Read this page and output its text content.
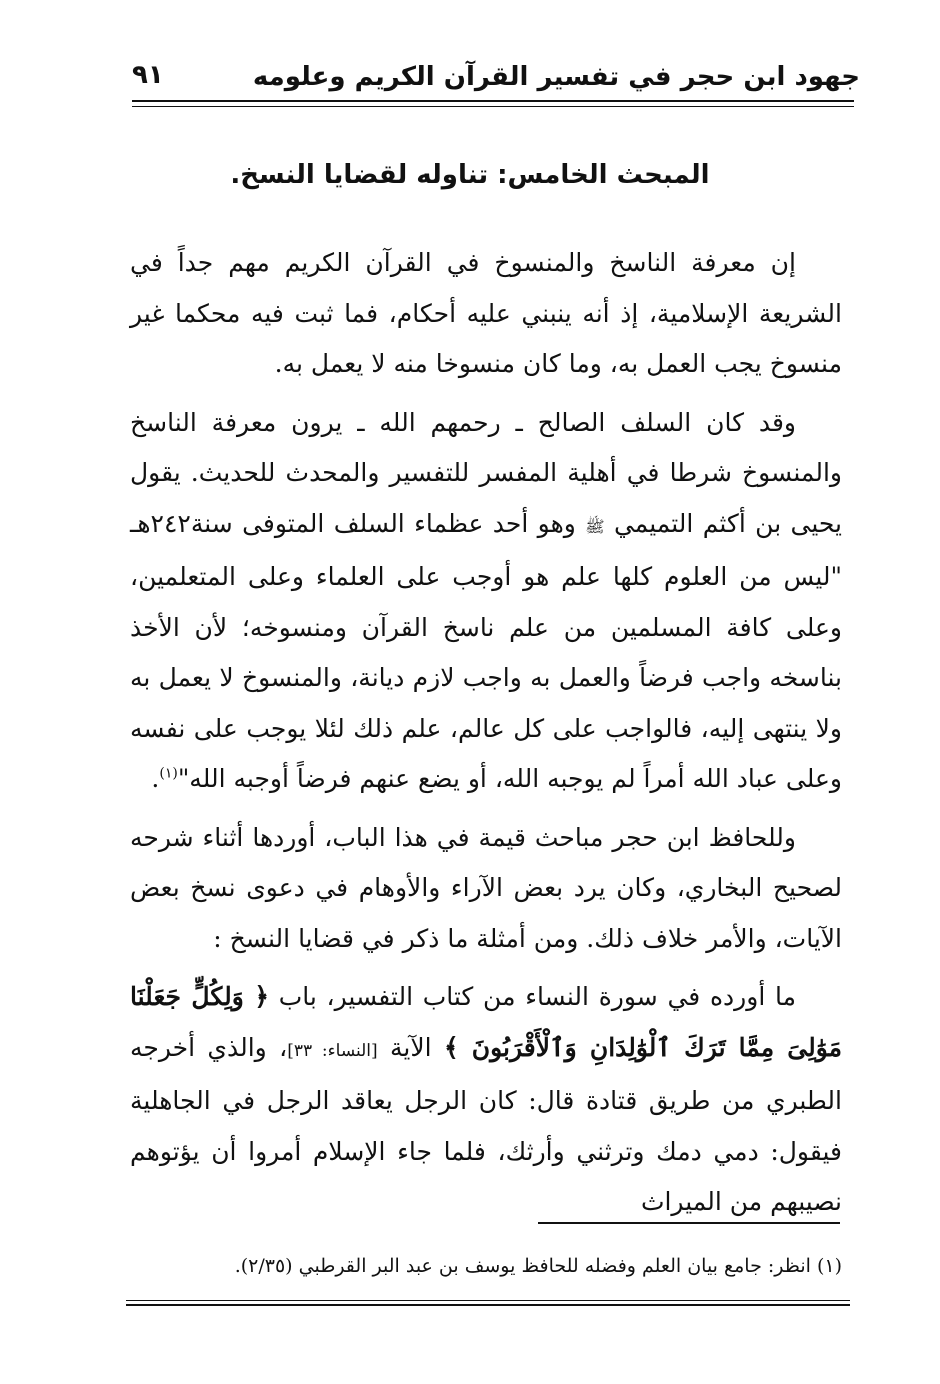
جهود ابن حجر في تفسير القرآن الكريم وعلومه
٩١
المبحث الخامس: تناوله لقضايا النسخ.

إن معرفة الناسخ والمنسوخ في القرآن الكريم مهم جداً في الشريعة الإسلامية، إذ أنه ينبني عليه أحكام، فما ثبت فيه محكما غير منسوخ يجب العمل به، وما كان منسوخا منه لا يعمل به.

وقد كان السلف الصالح ـ رحمهم الله ـ يرون معرفة الناسخ والمنسوخ شرطا في أهلية المفسر للتفسير والمحدث للحديث. يقول يحيى بن أكثم التميمي ﷺ وهو أحد عظماء السلف المتوفى سنة٢٤٢هـ "ليس من العلوم كلها علم هو أوجب على العلماء وعلى المتعلمين، وعلى كافة المسلمين من علم ناسخ القرآن ومنسوخه؛ لأن الأخذ بناسخه واجب فرضاً والعمل به واجب لازم ديانة، والمنسوخ لا يعمل به ولا ينتهى إليه، فالواجب على كل عالم، علم ذلك لئلا يوجب على نفسه وعلى عباد الله أمراً لم يوجبه الله، أو يضع عنهم فرضاً أوجبه الله"$^{(١)}$.

وللحافظ ابن حجر مباحث قيمة في هذا الباب، أوردها أثناء شرحه لصحيح البخاري، وكان يرد بعض الآراء والأوهام في دعوى نسخ بعض الآيات، والأمر خلاف ذلك. ومن أمثلة ما ذكر في قضايا النسخ :

ما أورده في سورة النساء من كتاب التفسير، باب ﴿ وَلِكُلٍّ جَعَلْنَا مَوَٰلِىَ مِمَّا تَرَكَ ٱلْوَٰلِدَانِ وَٱلْأَقْرَبُونَ ﴾ الآية [النساء: ٣٣]، والذي أخرجه الطبري من طريق قتادة قال: كان الرجل يعاقد الرجل في الجاهلية فيقول: دمي دمك وترثني وأرثك، فلما جاء الإسلام أمروا أن يؤتوهم نصيبهم من الميراث

(١) انظر: جامع بيان العلم وفضله للحافظ يوسف بن عبد البر القرطبي (٢/٣٥).
